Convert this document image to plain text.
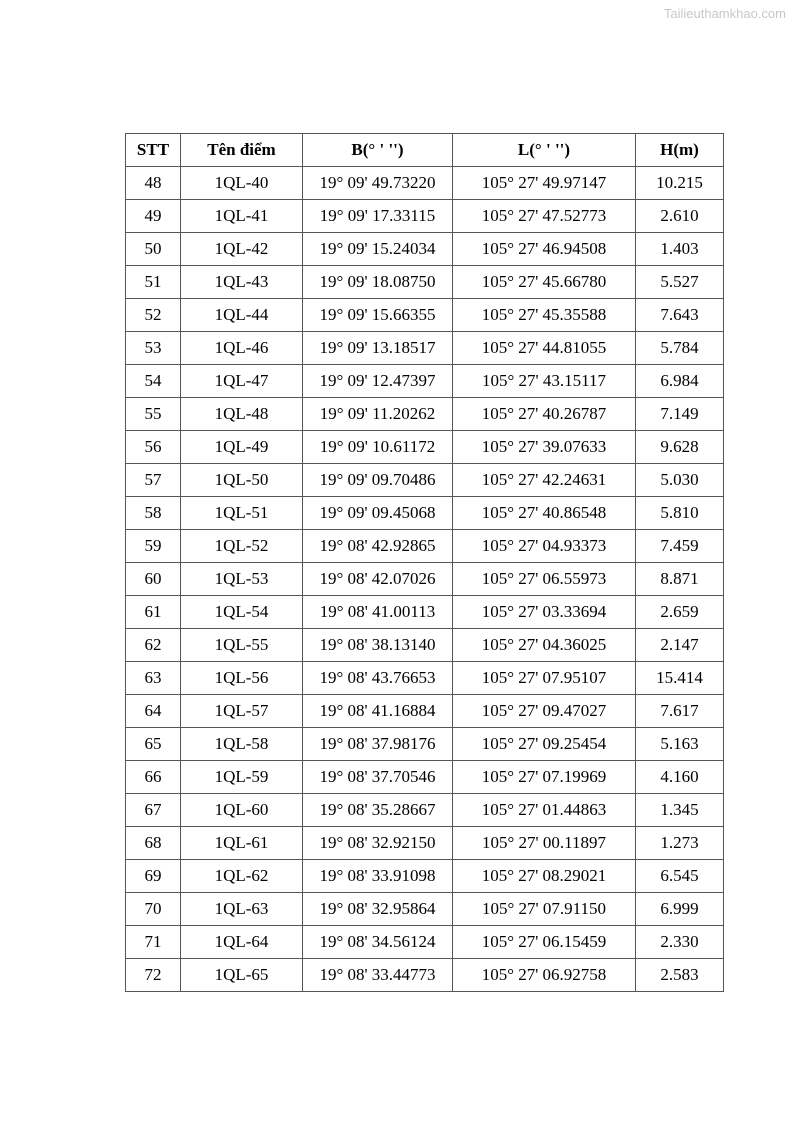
Tailieuthamkhao.com
STT	Tên điểm	B(° ' '')	L(° ' '')	H(m)
48	1QL-40	19° 09' 49.73220	105° 27' 49.97147	10.215
49	1QL-41	19° 09' 17.33115	105° 27' 47.52773	2.610
50	1QL-42	19° 09' 15.24034	105° 27' 46.94508	1.403
51	1QL-43	19° 09' 18.08750	105° 27' 45.66780	5.527
52	1QL-44	19° 09' 15.66355	105° 27' 45.35588	7.643
53	1QL-46	19° 09' 13.18517	105° 27' 44.81055	5.784
54	1QL-47	19° 09' 12.47397	105° 27' 43.15117	6.984
55	1QL-48	19° 09' 11.20262	105° 27' 40.26787	7.149
56	1QL-49	19° 09' 10.61172	105° 27' 39.07633	9.628
57	1QL-50	19° 09' 09.70486	105° 27' 42.24631	5.030
58	1QL-51	19° 09' 09.45068	105° 27' 40.86548	5.810
59	1QL-52	19° 08' 42.92865	105° 27' 04.93373	7.459
60	1QL-53	19° 08' 42.07026	105° 27' 06.55973	8.871
61	1QL-54	19° 08' 41.00113	105° 27' 03.33694	2.659
62	1QL-55	19° 08' 38.13140	105° 27' 04.36025	2.147
63	1QL-56	19° 08' 43.76653	105° 27' 07.95107	15.414
64	1QL-57	19° 08' 41.16884	105° 27' 09.47027	7.617
65	1QL-58	19° 08' 37.98176	105° 27' 09.25454	5.163
66	1QL-59	19° 08' 37.70546	105° 27' 07.19969	4.160
67	1QL-60	19° 08' 35.28667	105° 27' 01.44863	1.345
68	1QL-61	19° 08' 32.92150	105° 27' 00.11897	1.273
69	1QL-62	19° 08' 33.91098	105° 27' 08.29021	6.545
70	1QL-63	19° 08' 32.95864	105° 27' 07.91150	6.999
71	1QL-64	19° 08' 34.56124	105° 27' 06.15459	2.330
72	1QL-65	19° 08' 33.44773	105° 27' 06.92758	2.583
